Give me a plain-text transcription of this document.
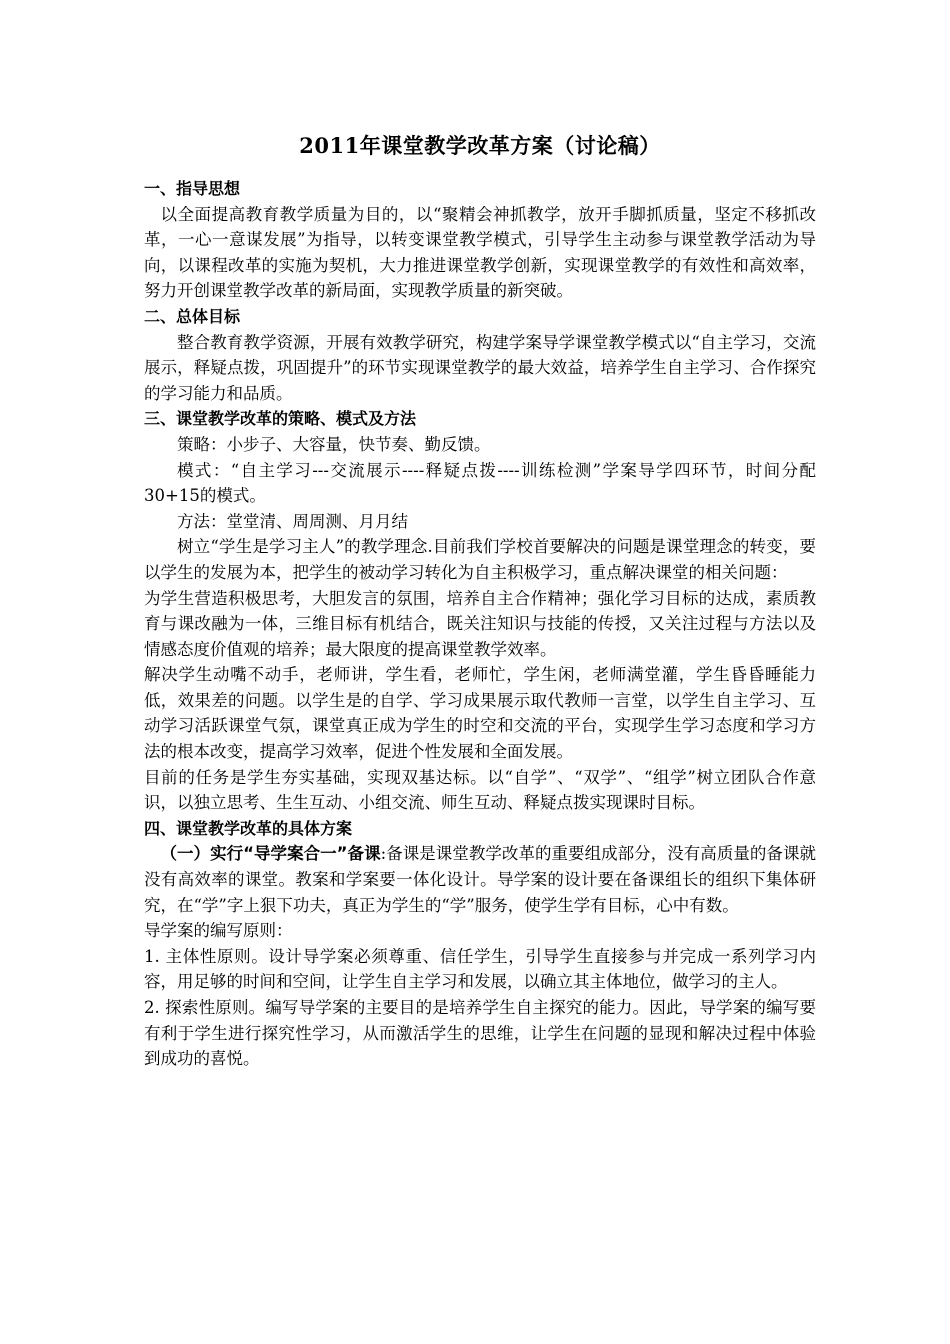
2011年课堂教学改革方案（讨论稿）
一、指导思想

以全面提高教育教学质量为目的，以“聚精会神抓教学，放开手脚抓质量，坚定不移抓改革，一心一意谋发展”为指导，以转变课堂教学模式，引导学生主动参与课堂教学活动为导向，以课程改革的实施为契机，大力推进课堂教学创新，实现课堂教学的有效性和高效率，努力开创课堂教学改革的新局面，实现教学质量的新突破。

二、总体目标

整合教育教学资源，开展有效教学研究，构建学案导学课堂教学模式以“自主学习，交流展示，释疑点拨，巩固提升”的环节实现课堂教学的最大效益，培养学生自主学习、合作探究的学习能力和品质。

三、课堂教学改革的策略、模式及方法

策略：小步子、大容量，快节奏、勤反馈。

模式：“自主学习---交流展示----释疑点拨----训练检测”学案导学四环节，时间分配30+15的模式。

方法：堂堂清、周周测、月月结

树立“学生是学习主人”的教学理念.目前我们学校首要解决的问题是课堂理念的转变，要以学生的发展为本，把学生的被动学习转化为自主积极学习，重点解决课堂的相关问题：

为学生营造积极思考，大胆发言的氛围，培养自主合作精神；强化学习目标的达成，素质教育与课改融为一体，三维目标有机结合，既关注知识与技能的传授，又关注过程与方法以及情感态度价值观的培养；最大限度的提高课堂教学效率。

解决学生动嘴不动手，老师讲，学生看，老师忙，学生闲，老师满堂灌，学生昏昏睡能力低，效果差的问题。以学生是的自学、学习成果展示取代教师一言堂，以学生自主学习、互动学习活跃课堂气氛，课堂真正成为学生的时空和交流的平台，实现学生学习态度和学习方法的根本改变，提高学习效率，促进个性发展和全面发展。

目前的任务是学生夯实基础，实现双基达标。以“自学”、“双学”、“组学”树立团队合作意识，以独立思考、生生互动、小组交流、师生互动、释疑点拨实现课时目标。

四、课堂教学改革的具体方案

（一）实行“导学案合一”备课:备课是课堂教学改革的重要组成部分，没有高质量的备课就没有高效率的课堂。教案和学案要一体化设计。导学案的设计要在备课组长的组织下集体研究，在“学”字上狠下功夫，真正为学生的“学”服务，使学生学有目标，心中有数。

导学案的编写原则：

1. 主体性原则。设计导学案必须尊重、信任学生，引导学生直接参与并完成一系列学习内容，用足够的时间和空间，让学生自主学习和发展，以确立其主体地位，做学习的主人。

2. 探索性原则。编写导学案的主要目的是培养学生自主探究的能力。因此，导学案的编写要有利于学生进行探究性学习，从而激活学生的思维，让学生在问题的显现和解决过程中体验到成功的喜悦。
